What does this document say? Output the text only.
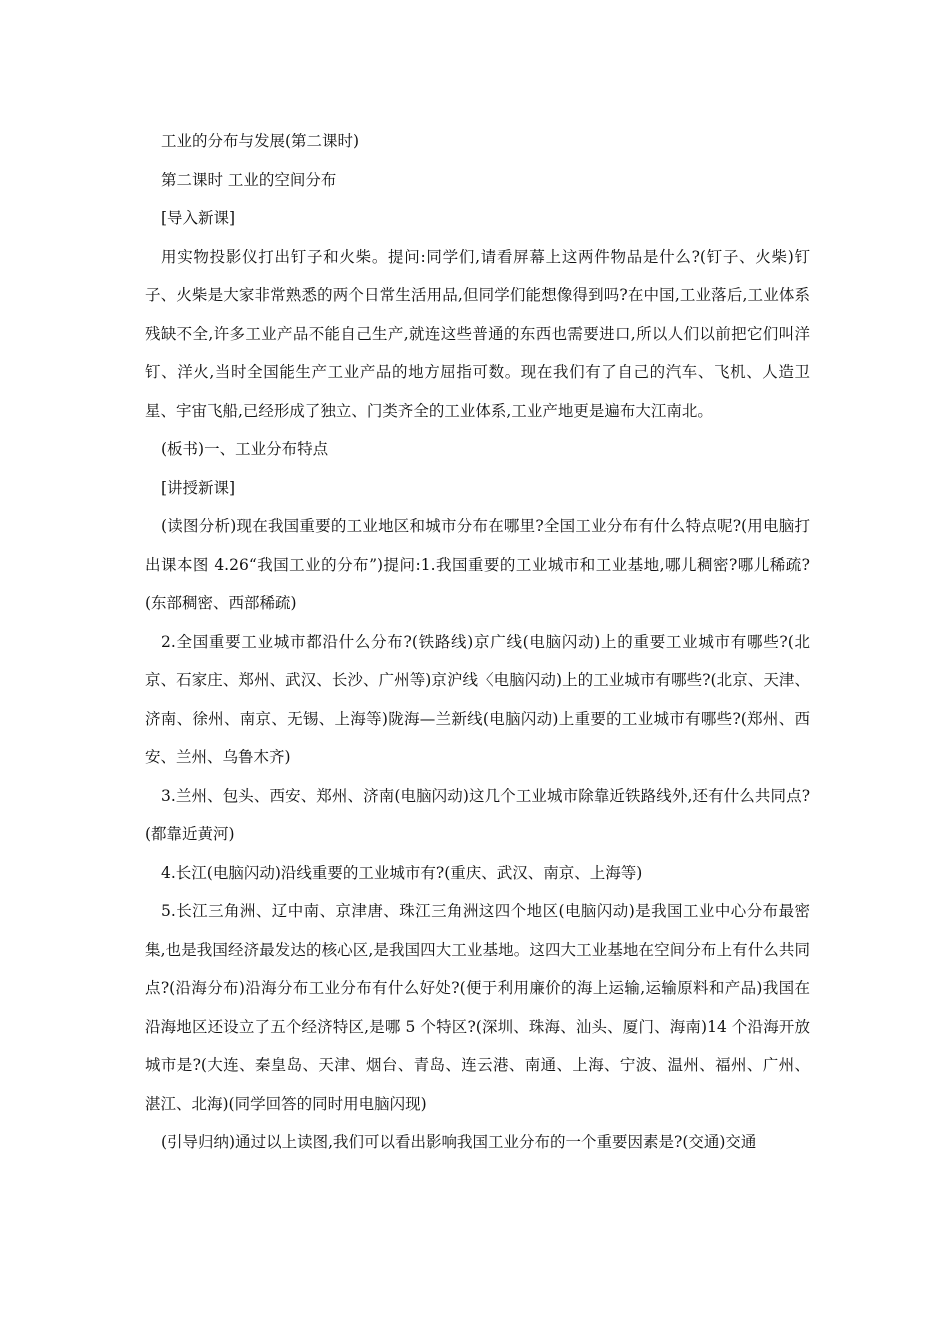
工业的分布与发展(第二课时)

第二课时 工业的空间分布

[导入新课]

用实物投影仪打出钉子和火柴。提问:同学们,请看屏幕上这两件物品是什么?(钉子、火柴)钉子、火柴是大家非常熟悉的两个日常生活用品,但同学们能想像得到吗?在中国,工业落后,工业体系残缺不全,许多工业产品不能自己生产,就连这些普通的东西也需要进口,所以人们以前把它们叫洋钉、洋火,当时全国能生产工业产品的地方屈指可数。现在我们有了自己的汽车、飞机、人造卫星、宇宙飞船,已经形成了独立、门类齐全的工业体系,工业产地更是遍布大江南北。

(板书)一、工业分布特点

[讲授新课]

(读图分析)现在我国重要的工业地区和城市分布在哪里?全国工业分布有什么特点呢?(用电脑打出课本图 4.26“我国工业的分布”)提问:1.我国重要的工业城市和工业基地,哪儿稠密?哪儿稀疏?(东部稠密、西部稀疏)

2.全国重要工业城市都沿什么分布?(铁路线)京广线(电脑闪动)上的重要工业城市有哪些?(北京、石家庄、郑州、武汉、长沙、广州等)京沪线〈电脑闪动)上的工业城市有哪些?(北京、天津、济南、徐州、南京、无锡、上海等)陇海—兰新线(电脑闪动)上重要的工业城市有哪些?(郑州、西安、兰州、乌鲁木齐)

3.兰州、包头、西安、郑州、济南(电脑闪动)这几个工业城市除靠近铁路线外,还有什么共同点?(都靠近黄河)

4.长江(电脑闪动)沿线重要的工业城市有?(重庆、武汉、南京、上海等)

5.长江三角洲、辽中南、京津唐、珠江三角洲这四个地区(电脑闪动)是我国工业中心分布最密集,也是我国经济最发达的核心区,是我国四大工业基地。这四大工业基地在空间分布上有什么共同点?(沿海分布)沿海分布工业分布有什么好处?(便于利用廉价的海上运输,运输原料和产品)我国在沿海地区还设立了五个经济特区,是哪 5 个特区?(深圳、珠海、汕头、厦门、海南)14 个沿海开放城市是?(大连、秦皇岛、天津、烟台、青岛、连云港、南通、上海、宁波、温州、福州、广州、湛江、北海)(同学回答的同时用电脑闪现)

(引导归纳)通过以上读图,我们可以看出影响我国工业分布的一个重要因素是?(交通)交通
